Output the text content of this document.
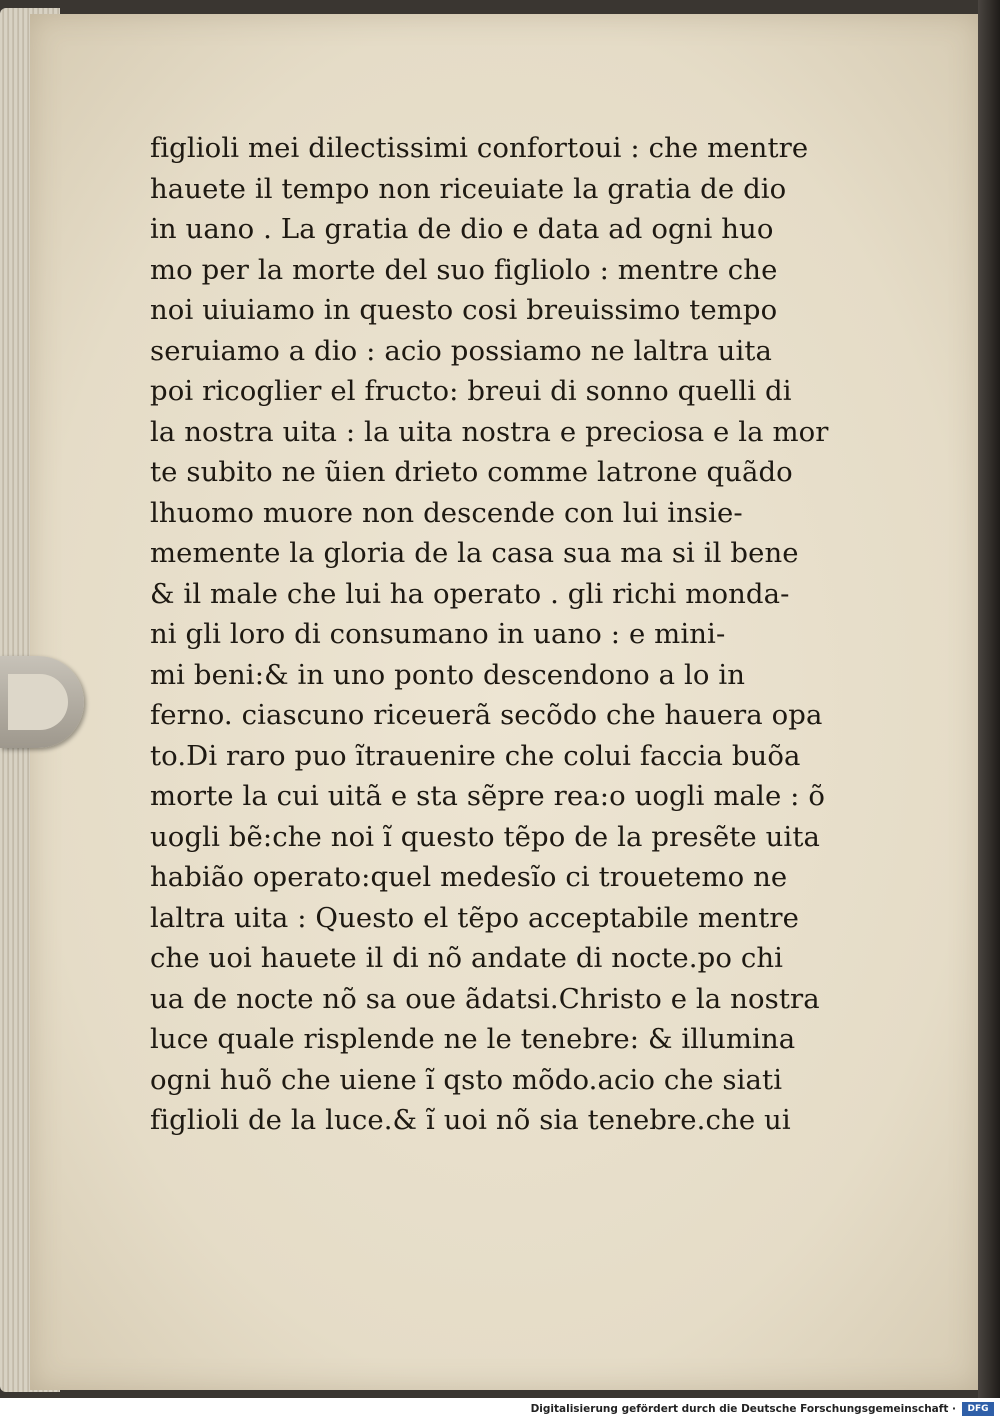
figlioli mei dilectissimi confortoui : che mentre
hauete il tempo non riceuiate la gratia de dio
in uano . La gratia de dio e data ad ogni huo
mo per la morte del suo figliolo : mentre che
noi uiuiamo in questo cosi breuissimo tempo
seruiamo a dio : acio possiamo ne laltra uita
poi ricoglier el fructo: breui di sonno quelli di
la nostra uita : la uita nostra e preciosa e la mor
te subito ne ũien drieto comme latrone quãdo
lhuomo muore non descende con lui insie-
memente la gloria de la casa sua ma si il bene
& il male che lui ha operato . gli richi monda-
ni gli loro di consumano in uano : e mini-
mi beni:& in uno ponto descendono a lo in
ferno. ciascuno riceuerã secõdo che hauera opa
to.Di raro puo ĩtrauenire che colui faccia buõa
morte la cui uitã e sta sẽpre rea:o uogli male : õ
uogli bẽ:che noi ĩ questo tẽpo de la presẽte uita
habião operato:quel medesĩo ci trouetemo ne
laltra uita : Questo el tẽpo acceptabile mentre
che uoi hauete il di nõ andate di nocte.po chi
ua de nocte nõ sa oue ãdatsi.Christo e la nostra
luce quale risplende ne le tenebre: & illumina
ogni huõ che uiene ĩ qsto mõdo.acio che siati
figlioli de la luce.& ĩ uoi nõ sia tenebre.che ui
Digitalisierung gefördert durch die Deutsche Forschungsgemeinschaft ·	DFG
